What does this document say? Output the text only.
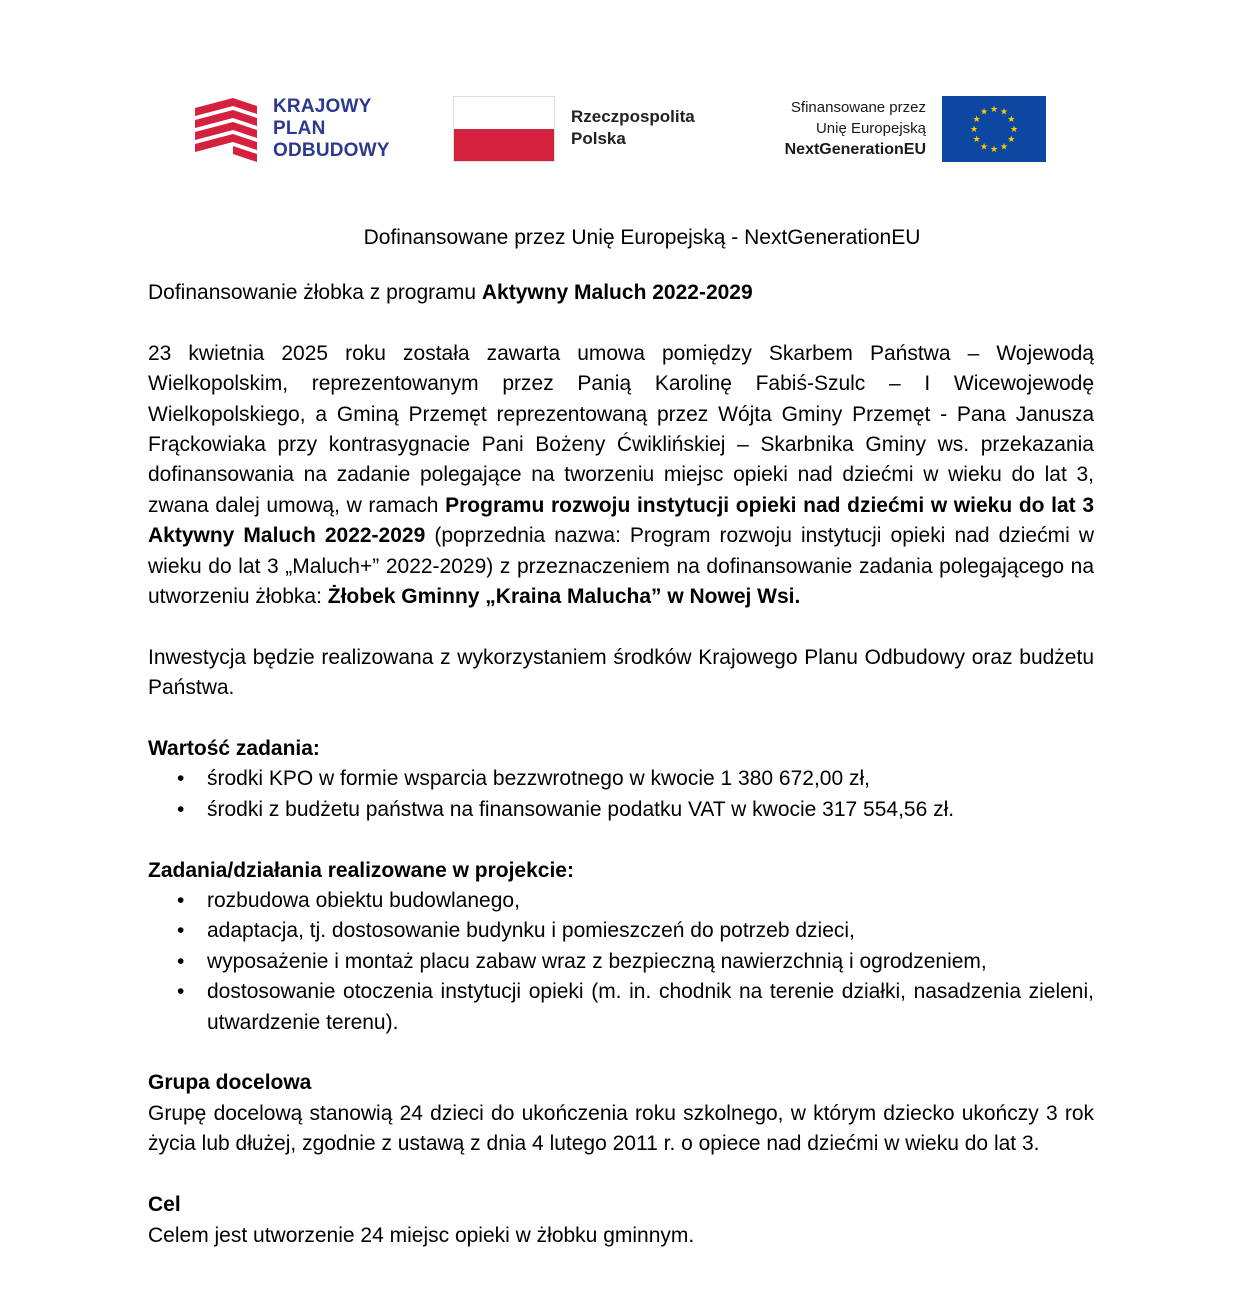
KRAJOWY
PLAN
ODBUDOWY
Rzeczpospolita
Polska
Sfinansowane przez
Unię Europejską
NextGenerationEU
★ ★
★
★
★
★
★
★
★
★
★
★

Dofinansowane przez Unię Europejską - NextGenerationEU

Dofinansowanie żłobka z programu Aktywny Maluch 2022-2029

23 kwietnia 2025 roku została zawarta umowa pomiędzy Skarbem Państwa – Wojewodą Wielkopolskim, reprezentowanym przez Panią Karolinę Fabiś-Szulc – I Wicewojewodę Wielkopolskiego, a Gminą Przemęt reprezentowaną przez Wójta Gminy Przemęt - Pana Janusza Frąckowiaka przy kontrasygnacie Pani Bożeny Ćwiklińskiej – Skarbnika Gminy ws. przekazania dofinansowania na zadanie polegające na tworzeniu miejsc opieki nad dziećmi w wieku do lat 3, zwana dalej umową, w ramach Programu rozwoju instytucji opieki nad dziećmi w wieku do lat 3 Aktywny Maluch 2022-2029 (poprzednia nazwa: Program rozwoju instytucji opieki nad dziećmi w wieku do lat 3 „Maluch+” 2022-2029) z przeznaczeniem na dofinansowanie zadania polegającego na utworzeniu żłobka: Żłobek Gminny „Kraina Malucha” w Nowej Wsi.

Inwestycja będzie realizowana z wykorzystaniem środków Krajowego Planu Odbudowy oraz budżetu Państwa.

Wartość zadania:

• środki KPO w formie wsparcia bezzwrotnego w kwocie 1 380 672,00 zł,
• środki z budżetu państwa na finansowanie podatku VAT w kwocie 317 554,56 zł.

Zadania/działania realizowane w projekcie:

• rozbudowa obiektu budowlanego,
• adaptacja, tj. dostosowanie budynku i pomieszczeń do potrzeb dzieci,
• wyposażenie i montaż placu zabaw wraz z bezpieczną nawierzchnią i ogrodzeniem,
• dostosowanie otoczenia instytucji opieki (m. in. chodnik na terenie działki, nasadzenia zieleni, utwardzenie terenu).

Grupa docelowa

Grupę docelową stanowią 24 dzieci do ukończenia roku szkolnego, w którym dziecko ukończy 3 rok życia lub dłużej, zgodnie z ustawą z dnia 4 lutego 2011 r. o opiece nad dziećmi w wieku do lat 3.

Cel

Celem jest utworzenie 24 miejsc opieki w żłobku gminnym.
